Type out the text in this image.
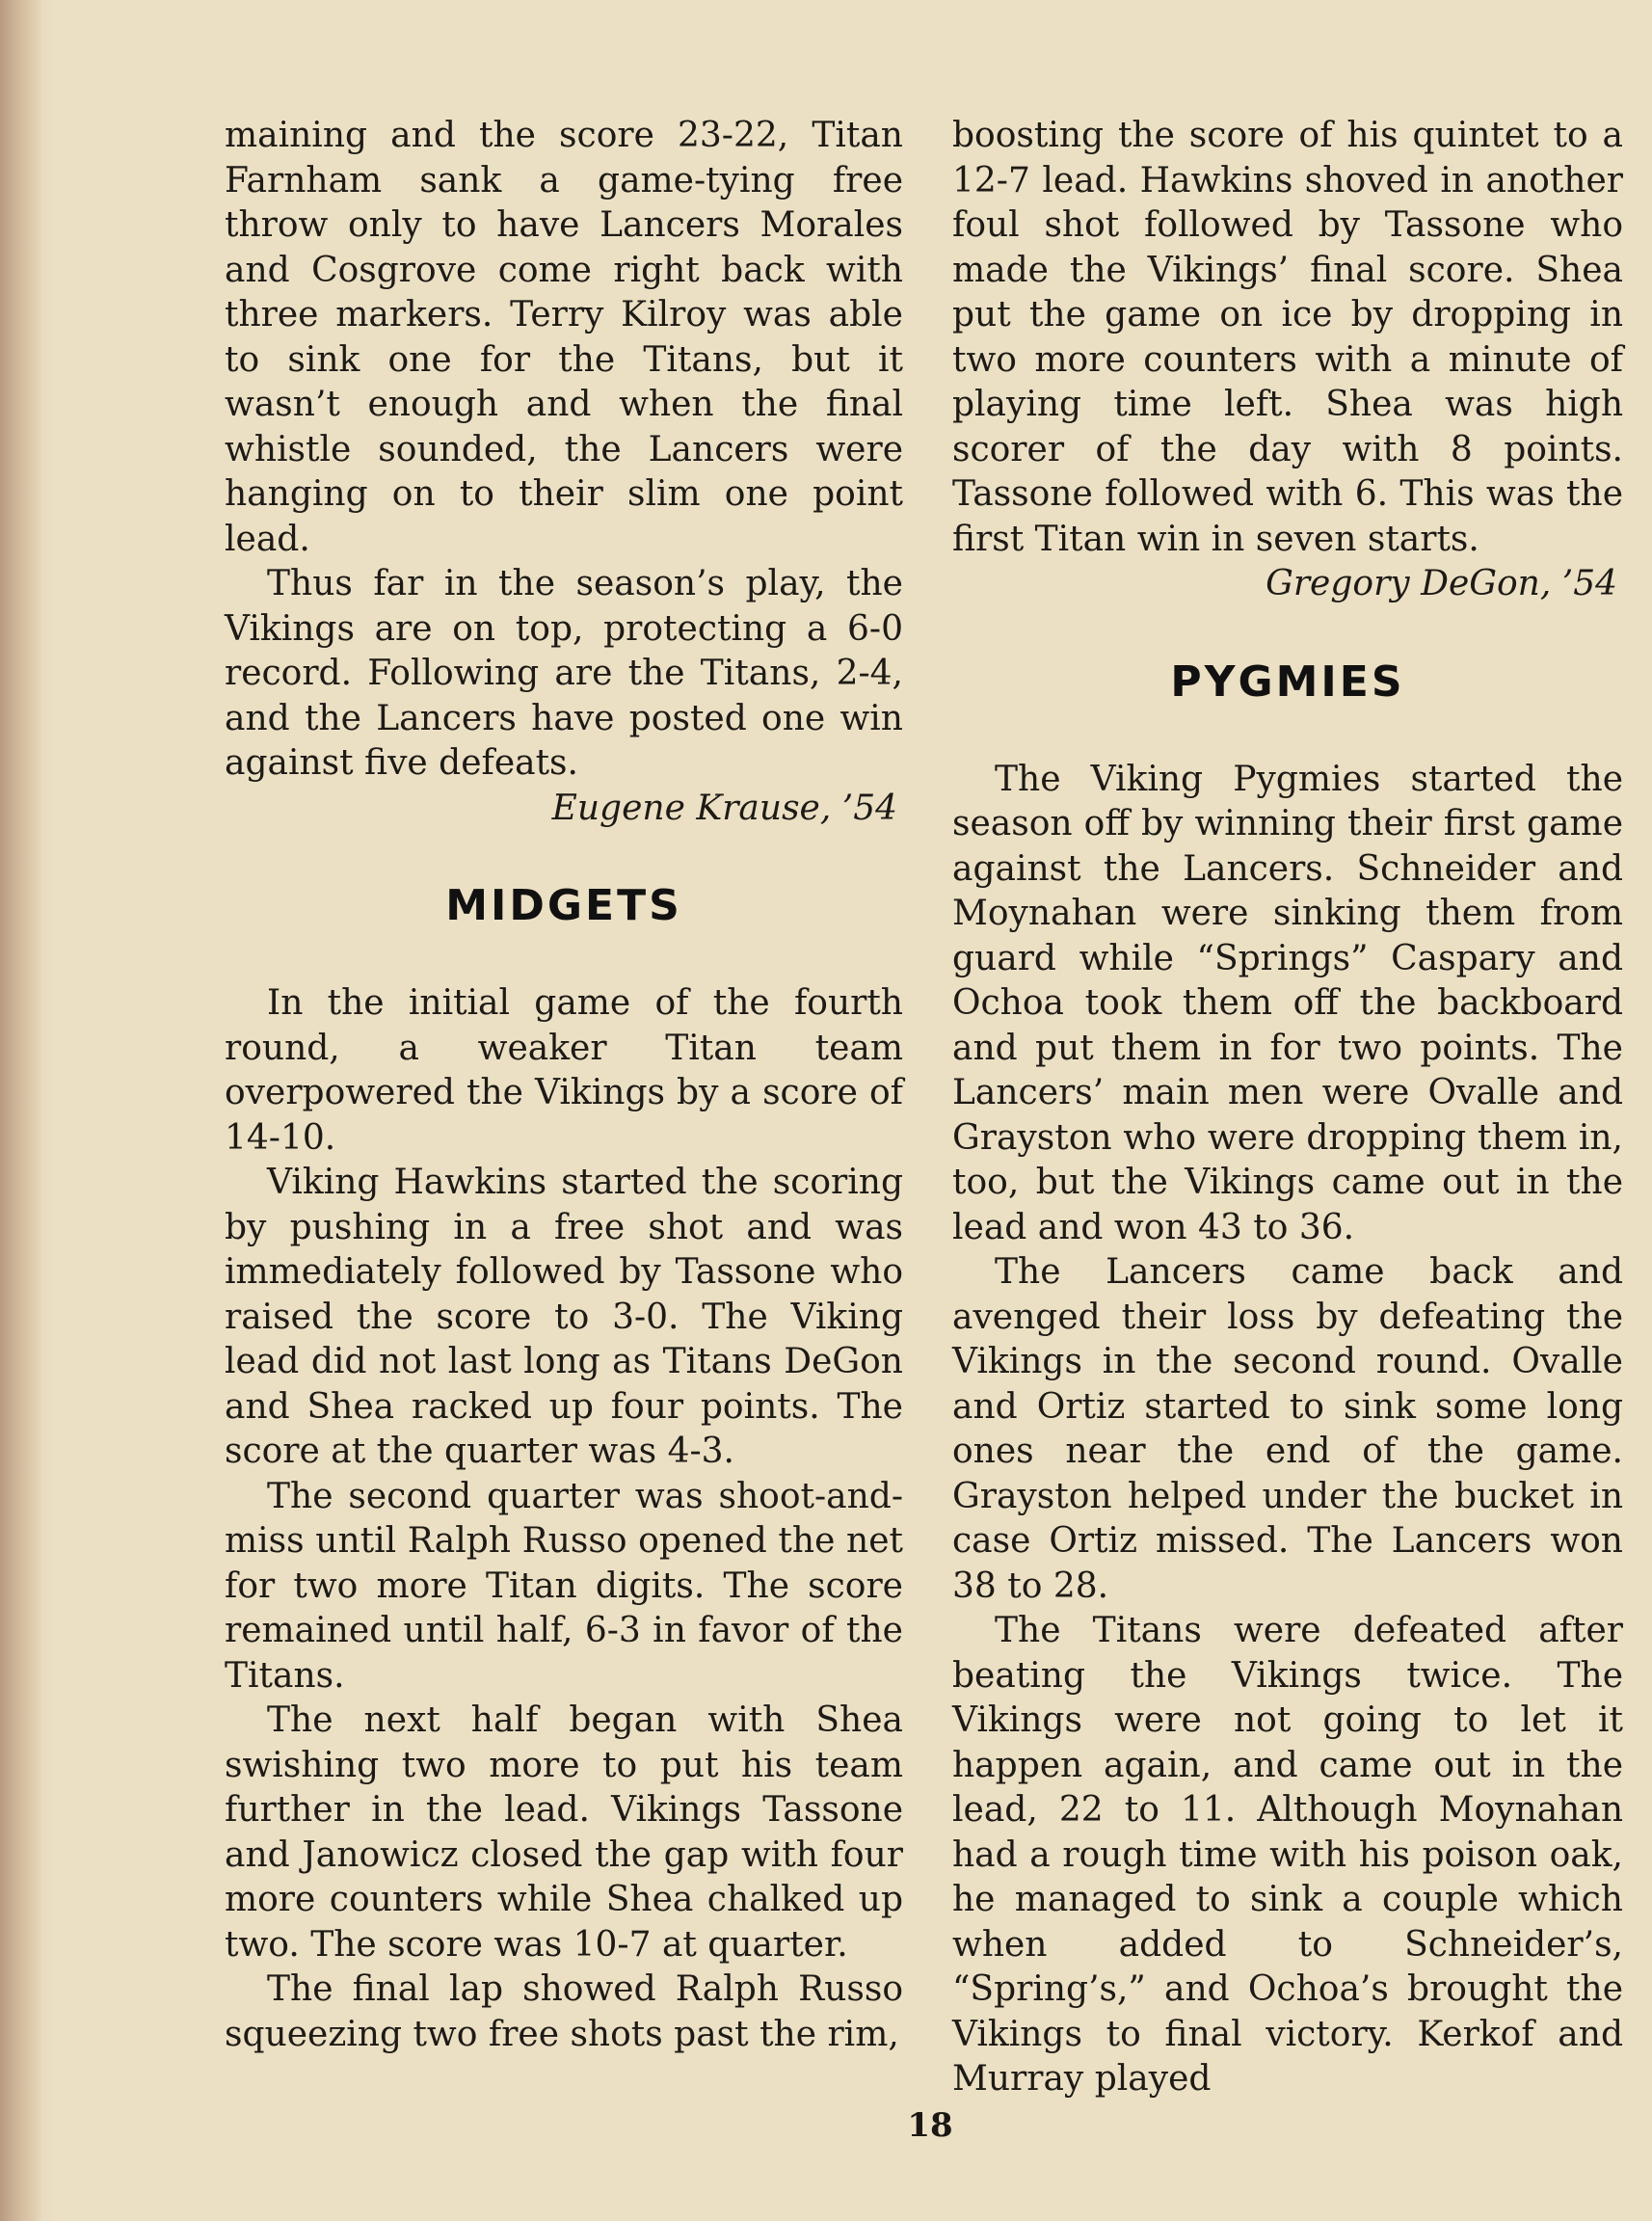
maining and the score 23-22, Titan Farnham sank a game-tying free throw only to have Lancers Morales and Cosgrove come right back with three markers. Terry Kilroy was able to sink one for the Titans, but it wasn’t enough and when the final whistle sounded, the Lancers were hanging on to their slim one point lead.

Thus far in the season’s play, the Vikings are on top, protecting a 6-0 record. Following are the Titans, 2-4, and the Lancers have posted one win against five defeats.

Eugene Krause, ’54

MIDGETS

In the initial game of the fourth round, a weaker Titan team overpowered the Vikings by a score of 14-10.

Viking Hawkins started the scoring by pushing in a free shot and was immediately followed by Tassone who raised the score to 3-0. The Viking lead did not last long as Titans DeGon and Shea racked up four points. The score at the quarter was 4-3.

The second quarter was shoot-and-miss until Ralph Russo opened the net for two more Titan digits. The score remained until half, 6-3 in favor of the Titans.

The next half began with Shea swishing two more to put his team further in the lead. Vikings Tassone and Janowicz closed the gap with four more counters while Shea chalked up two. The score was 10-7 at quarter.

The final lap showed Ralph Russo squeezing two free shots past the rim,

boosting the score of his quintet to a 12-7 lead. Hawkins shoved in another foul shot followed by Tassone who made the Vikings’ final score. Shea put the game on ice by dropping in two more counters with a minute of playing time left. Shea was high scorer of the day with 8 points. Tassone followed with 6. This was the first Titan win in seven starts.

Gregory DeGon, ’54

PYGMIES

The Viking Pygmies started the season off by winning their first game against the Lancers. Schneider and Moynahan were sinking them from guard while “Springs” Caspary and Ochoa took them off the backboard and put them in for two points. The Lancers’ main men were Ovalle and Grayston who were dropping them in, too, but the Vikings came out in the lead and won 43 to 36.

The Lancers came back and avenged their loss by defeating the Vikings in the second round. Ovalle and Ortiz started to sink some long ones near the end of the game. Grayston helped under the bucket in case Ortiz missed. The Lancers won 38 to 28.

The Titans were defeated after beating the Vikings twice. The Vikings were not going to let it happen again, and came out in the lead, 22 to 11. Although Moynahan had a rough time with his poison oak, he managed to sink a couple which when added to Schneider’s, “Spring’s,” and Ochoa’s brought the Vikings to final victory. Kerkof and Murray played

18
